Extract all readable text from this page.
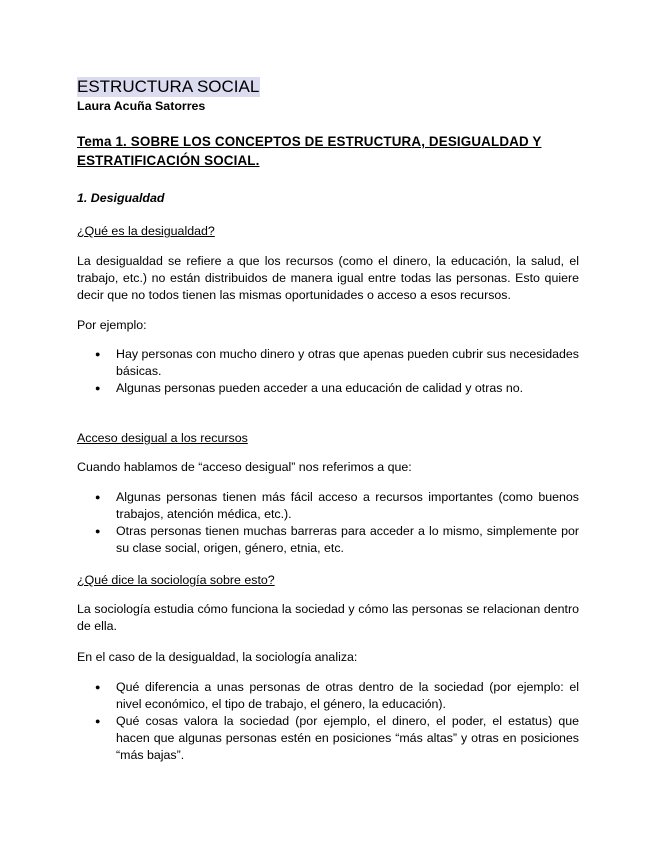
ESTRUCTURA SOCIAL
Laura Acuña Satorres
Tema 1. SOBRE LOS CONCEPTOS DE ESTRUCTURA, DESIGUALDAD Y ESTRATIFICACIÓN SOCIAL.
1. Desigualdad
¿Qué es la desigualdad?

La desigualdad se refiere a que los recursos (como el dinero, la educación, la salud, el trabajo, etc.) no están distribuidos de manera igual entre todas las personas. Esto quiere decir que no todos tienen las mismas oportunidades o acceso a esos recursos.

Por ejemplo:

● Hay personas con mucho dinero y otras que apenas pueden cubrir sus necesidades básicas.
● Algunas personas pueden acceder a una educación de calidad y otras no.
Acceso desigual a los recursos

Cuando hablamos de “acceso desigual” nos referimos a que:

● Algunas personas tienen más fácil acceso a recursos importantes (como buenos trabajos, atención médica, etc.).
● Otras personas tienen muchas barreras para acceder a lo mismo, simplemente por su clase social, origen, género, etnia, etc.
¿Qué dice la sociología sobre esto?

La sociología estudia cómo funciona la sociedad y cómo las personas se relacionan dentro de ella.

En el caso de la desigualdad, la sociología analiza:

● Qué diferencia a unas personas de otras dentro de la sociedad (por ejemplo: el nivel económico, el tipo de trabajo, el género, la educación).
● Qué cosas valora la sociedad (por ejemplo, el dinero, el poder, el estatus) que hacen que algunas personas estén en posiciones “más altas” y otras en posiciones “más bajas”.
